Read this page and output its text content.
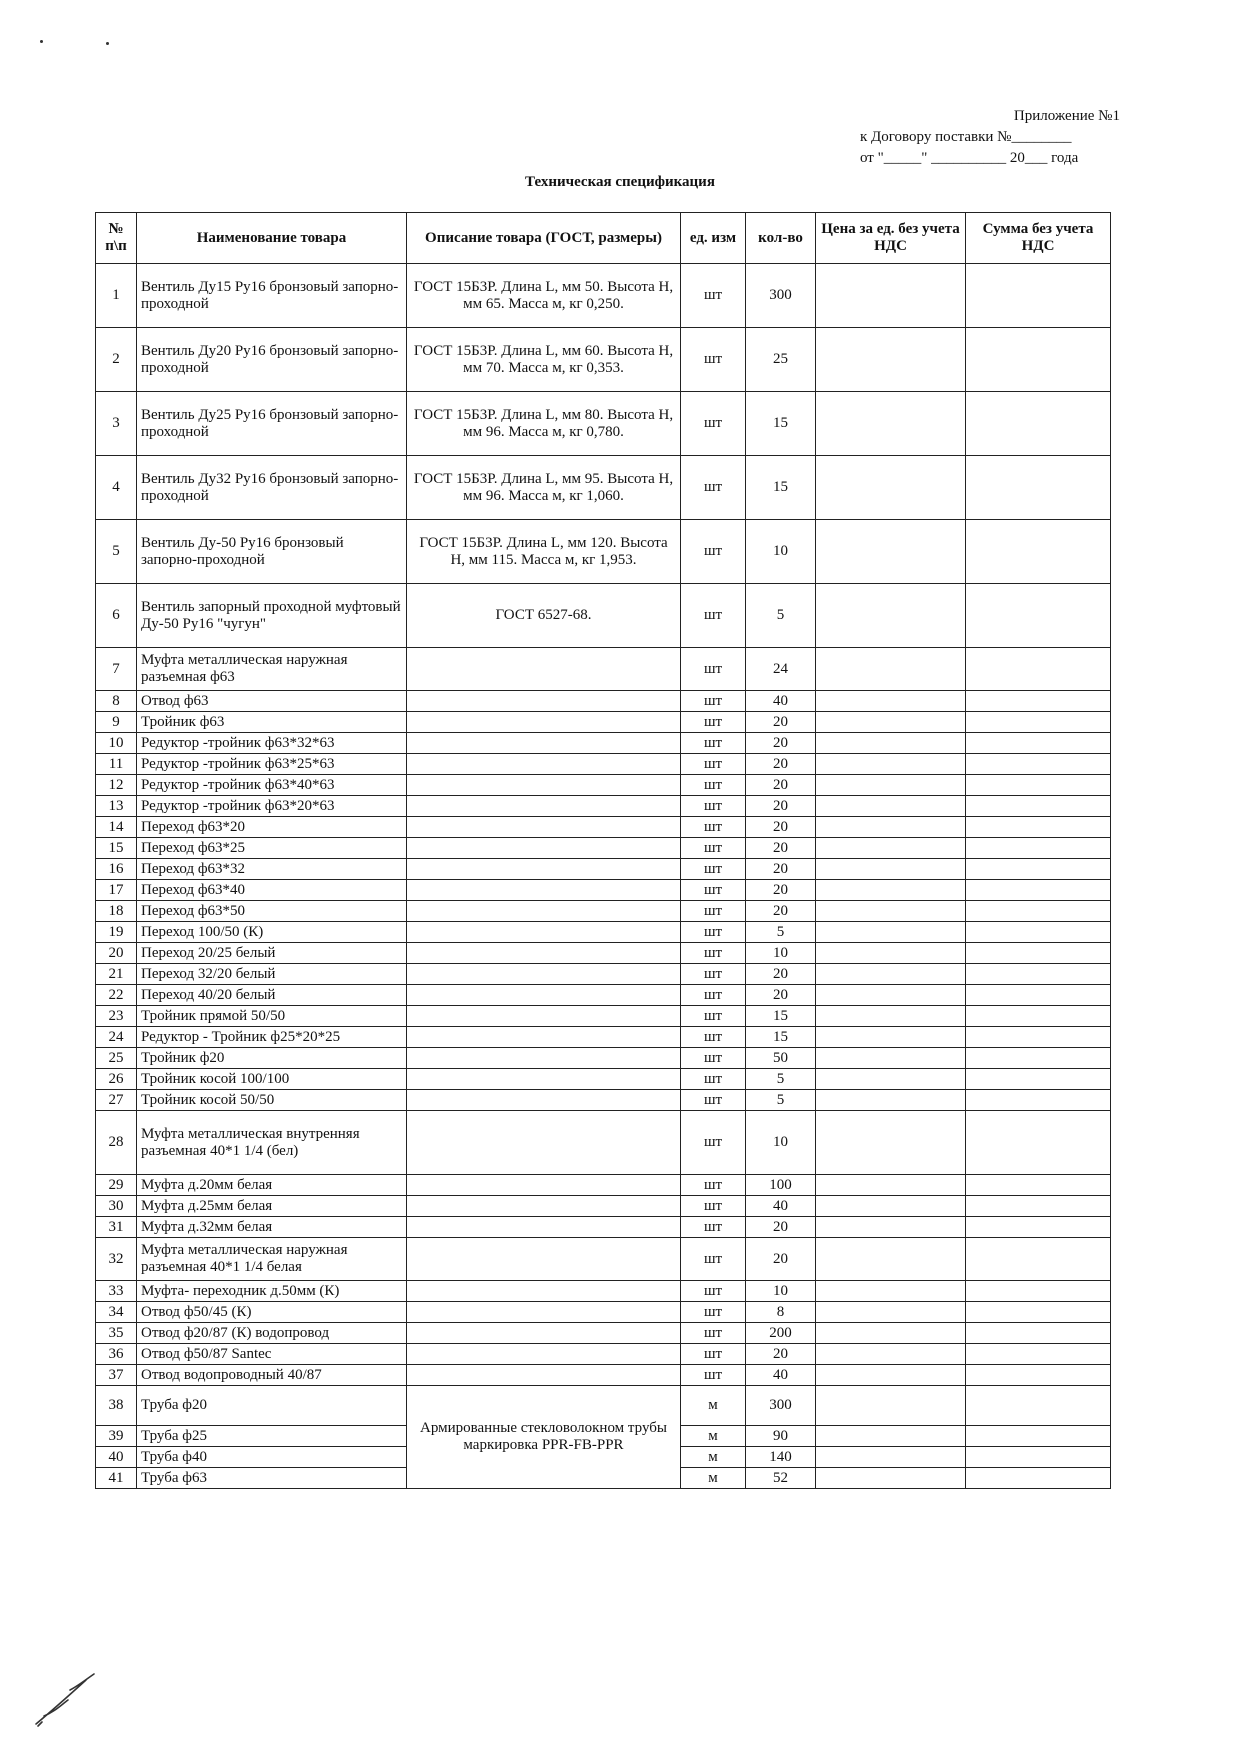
Приложение №1
к Договору поставки №________
от "_____" __________ 20___ года
Техническая спецификация
№ п\п	Наименование товара	Описание товара (ГОСТ, размеры)	ед. изм	кол-во	Цена за ед. без учета НДС	Сумма без учета НДС
1	Вентиль Ду15 Ру16 бронзовый запорно-проходной	ГОСТ 15Б3Р. Длина L, мм 50. Высота Н, мм 65. Масса м, кг 0,250.	шт	300		
2	Вентиль Ду20 Ру16 бронзовый запорно-проходной	ГОСТ 15Б3Р. Длина L, мм 60. Высота Н, мм 70. Масса м, кг 0,353.	шт	25		
3	Вентиль Ду25 Ру16 бронзовый запорно-проходной	ГОСТ 15Б3Р. Длина L, мм 80. Высота Н, мм 96. Масса м, кг 0,780.	шт	15		
4	Вентиль Ду32 Ру16 бронзовый запорно-проходной	ГОСТ 15Б3Р. Длина L, мм 95. Высота Н, мм 96. Масса м, кг 1,060.	шт	15		
5	Вентиль Ду-50 Ру16 бронзовый запорно-проходной	ГОСТ 15Б3Р. Длина L, мм 120. Высота Н, мм 115. Масса м, кг 1,953.	шт	10		
6	Вентиль запорный проходной муфтовый Ду-50 Ру16 "чугун"	ГОСТ 6527-68.	шт	5		
7	Муфта металлическая наружная разъемная ф63		шт	24		
8	Отвод ф63		шт	40		
9	Тройник ф63		шт	20		
10	Редуктор -тройник ф63*32*63		шт	20		
11	Редуктор -тройник ф63*25*63		шт	20		
12	Редуктор -тройник ф63*40*63		шт	20		
13	Редуктор -тройник ф63*20*63		шт	20		
14	Переход ф63*20		шт	20		
15	Переход ф63*25		шт	20		
16	Переход ф63*32		шт	20		
17	Переход ф63*40		шт	20		
18	Переход ф63*50		шт	20		
19	Переход 100/50 (К)		шт	5		
20	Переход 20/25 белый		шт	10		
21	Переход 32/20 белый		шт	20		
22	Переход 40/20 белый		шт	20		
23	Тройник прямой 50/50		шт	15		
24	Редуктор - Тройник ф25*20*25		шт	15		
25	Тройник ф20		шт	50		
26	Тройник косой 100/100		шт	5		
27	Тройник косой 50/50		шт	5		
28	Муфта металлическая внутренняя разъемная 40*1 1/4 (бел)		шт	10		
29	Муфта д.20мм белая		шт	100		
30	Муфта д.25мм белая		шт	40		
31	Муфта д.32мм белая		шт	20		
32	Муфта металлическая наружная разъемная 40*1 1/4 белая		шт	20		
33	Муфта- переходник д.50мм (К)		шт	10		
34	Отвод ф50/45 (К)		шт	8		
35	Отвод ф20/87 (К) водопровод		шт	200		
36	Отвод ф50/87 Santec		шт	20		
37	Отвод водопроводный 40/87		шт	40		
38	Труба ф20	Армированные стекловолокном трубы маркировка PPR-FB-PPR	м	300		
39	Труба ф25		м	90		
40	Труба ф40		м	140		
41	Труба ф63		м	52		
